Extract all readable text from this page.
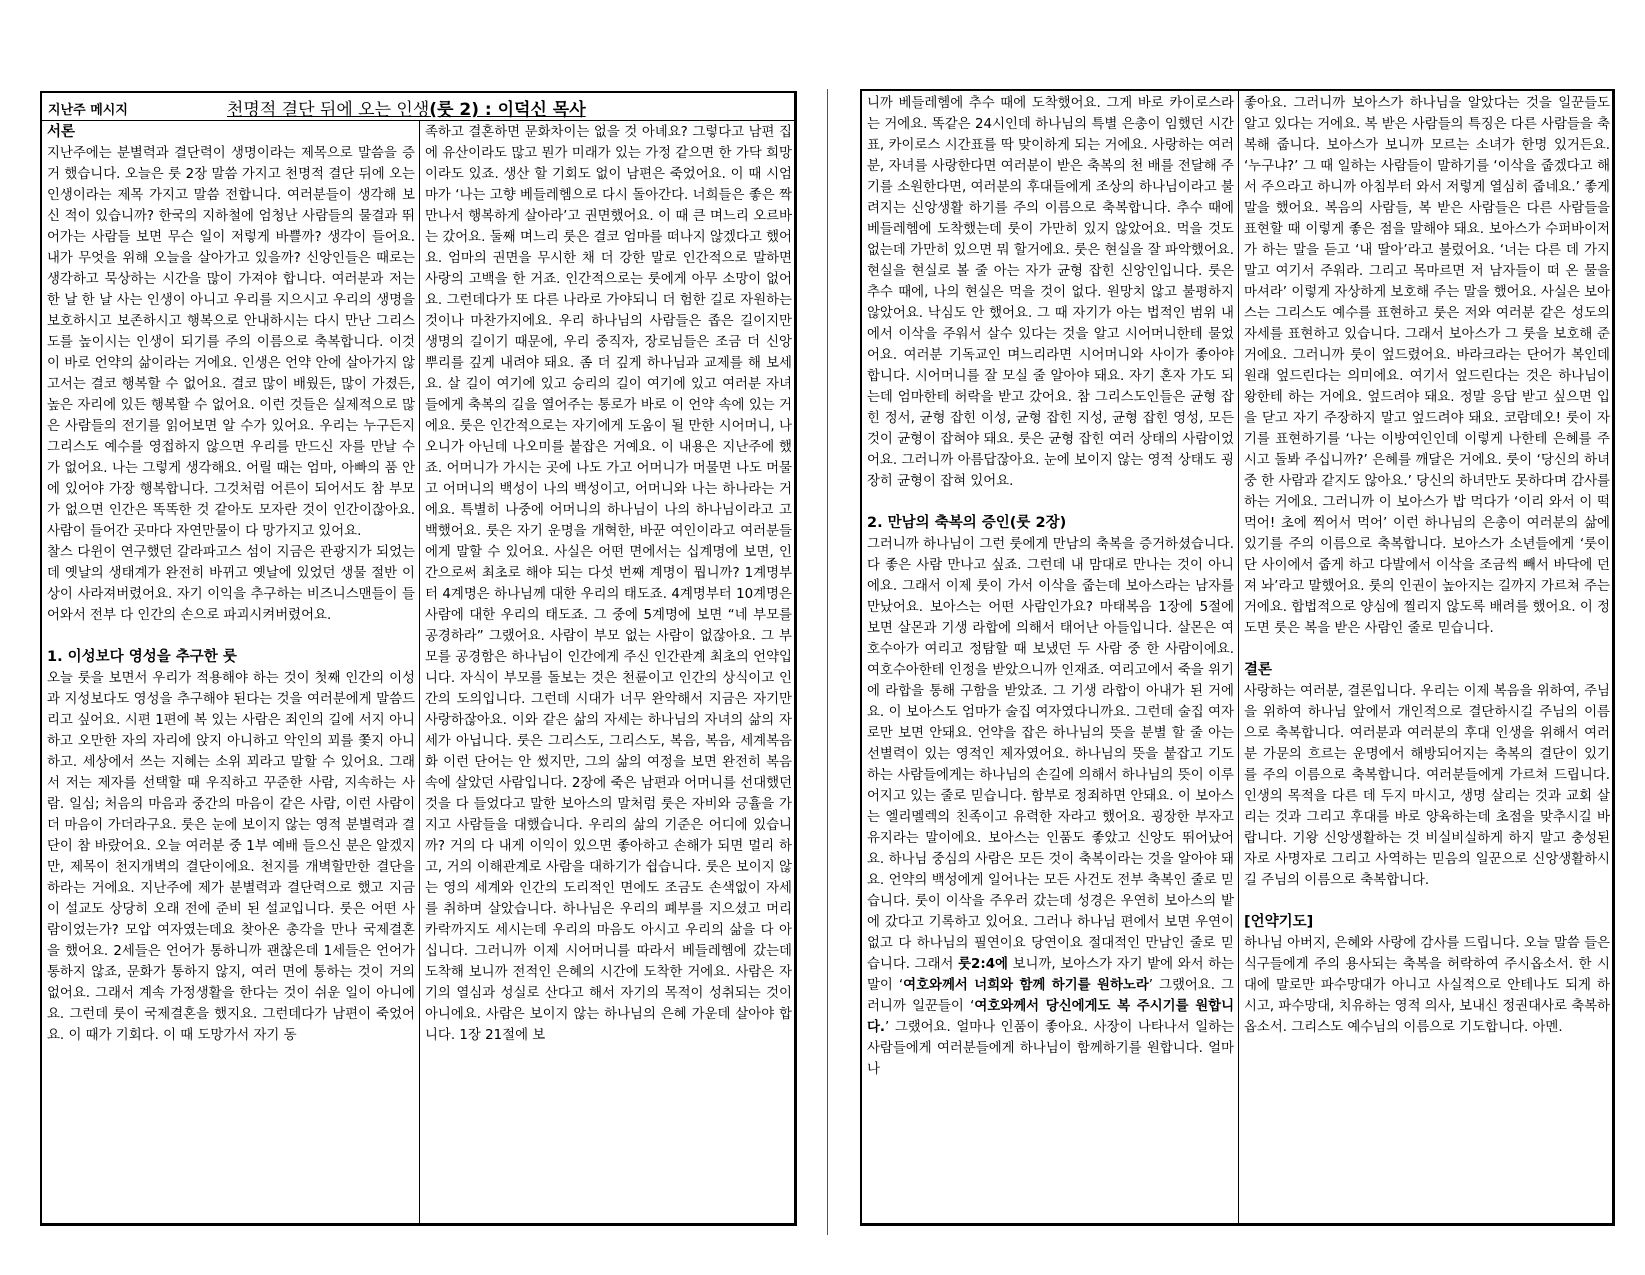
지난주 메시지	천명적 결단 뒤에 오는 인생(룻 2) : 이덕신 목사
서론

지난주에는 분별력과 결단력이 생명이라는 제목으로 말씀을 증거 했습니다. 오늘은 룻 2장 말씀 가지고 천명적 결단 뒤에 오는 인생이라는 제목 가지고 말씀 전합니다. 여러분들이 생각해 보신 적이 있습니까? 한국의 지하철에 엄청난 사람들의 물결과 뛰어가는 사람들 보면 무슨 일이 저렇게 바쁠까? 생각이 들어요. 내가 무엇을 위해 오늘을 살아가고 있을까? 신앙인들은 때로는 생각하고 묵상하는 시간을 많이 가져야 합니다. 여러분과 저는 한 날 한 날 사는 인생이 아니고 우리를 지으시고 우리의 생명을 보호하시고 보존하시고 행복으로 안내하시는 다시 만난 그리스도를 높이시는 인생이 되기를 주의 이름으로 축복합니다. 이것이 바로 언약의 삶이라는 거에요. 인생은 언약 안에 살아가지 않고서는 결코 행복할 수 없어요. 결코 많이 배웠든, 많이 가졌든, 높은 자리에 있든 행복할 수 없어요. 이런 것들은 실제적으로 많은 사람들의 전기를 읽어보면 알 수가 있어요. 우리는 누구든지 그리스도 예수를 영접하지 않으면 우리를 만드신 자를 만날 수가 없어요. 나는 그렇게 생각해요. 어릴 때는 엄마, 아빠의 품 안에 있어야 가장 행복합니다. 그것처럼 어른이 되어서도 참 부모가 없으면 인간은 똑똑한 것 같아도 모자란 것이 인간이잖아요. 사람이 들어간 곳마다 자연만물이 다 망가지고 있어요.

찰스 다윈이 연구했던 갈라파고스 섬이 지금은 관광지가 되었는데 옛날의 생태계가 완전히 바뀌고 옛날에 있었던 생물 절반 이상이 사라져버렸어요. 자기 이익을 추구하는 비즈니스맨들이 들어와서 전부 다 인간의 손으로 파괴시켜버렸어요.

1. 이성보다 영성을 추구한 룻

오늘 룻을 보면서 우리가 적용해야 하는 것이 첫째 인간의 이성과 지성보다도 영성을 추구해야 된다는 것을 여러분에게 말씀드리고 싶어요. 시편 1편에 복 있는 사람은 죄인의 길에 서지 아니하고 오만한 자의 자리에 앉지 아니하고 악인의 꾀를 쫓지 아니하고. 세상에서 쓰는 지혜는 소위 꾀라고 말할 수 있어요. 그래서 저는 제자를 선택할 때 우직하고 꾸준한 사람, 지속하는 사람. 일심; 처음의 마음과 중간의 마음이 같은 사람, 이런 사람이 더 마음이 가더라구요. 룻은 눈에 보이지 않는 영적 분별력과 결단이 참 바랐어요. 오늘 여러분 중 1부 예배 들으신 분은 알겠지만, 제목이 천지개벽의 결단이에요. 천지를 개벽할만한 결단을 하라는 거에요. 지난주에 제가 분별력과 결단력으로 했고 지금 이 설교도 상당히 오래 전에 준비 된 설교입니다. 룻은 어떤 사람이었는가? 모압 여자였는데요 찾아온 총각을 만나 국제결혼을 했어요. 2세들은 언어가 통하니까 괜찮은데 1세들은 언어가 통하지 않죠, 문화가 통하지 않지, 여러 면에 통하는 것이 거의 없어요. 그래서 계속 가정생활을 한다는 것이 쉬운 일이 아니에요. 그런데 룻이 국제결혼을 했지요. 그런데다가 남편이 죽었어요. 이 때가 기회다. 이 때 도망가서 자기 동

족하고 결혼하면 문화차이는 없을 것 아녜요? 그렇다고 남편 집에 유산이라도 많고 뭔가 미래가 있는 가정 같으면 한 가닥 희망이라도 있죠. 생산 할 기회도 없이 남편은 죽었어요. 이 때 시엄마가 ‘나는 고향 베들레헴으로 다시 돌아간다. 너희들은 좋은 짝 만나서 행복하게 살아라’고 권면했어요. 이 때 큰 며느리 오르바는 갔어요. 둘째 며느리 룻은 결코 엄마를 떠나지 않겠다고 했어요. 엄마의 권면을 무시한 채 더 강한 말로 인간적으로 말하면 사랑의 고백을 한 거죠. 인간적으로는 룻에게 아무 소망이 없어요. 그런데다가 또 다른 나라로 가야되니 더 험한 길로 자원하는 것이나 마찬가지에요. 우리 하나님의 사람들은 좁은 길이지만 생명의 길이기 때문에, 우리 중직자, 장로님들은 조금 더 신앙 뿌리를 깊게 내려야 돼요. 좀 더 깊게 하나님과 교제를 해 보세요. 살 길이 여기에 있고 승리의 길이 여기에 있고 여러분 자녀들에게 축복의 길을 열어주는 통로가 바로 이 언약 속에 있는 거에요. 룻은 인간적으로는 자기에게 도움이 될 만한 시어머니, 나오니가 아닌데 나오미를 붙잡은 거예요. 이 내용은 지난주에 했죠. 어머니가 가시는 곳에 나도 가고 어머니가 머물면 나도 머물고 어머니의 백성이 나의 백성이고, 어머니와 나는 하나라는 거에요. 특별히 나중에 어머니의 하나님이 나의 하나님이라고 고백했어요. 룻은 자기 운명을 개혁한, 바꾼 여인이라고 여러분들에게 말할 수 있어요. 사실은 어떤 면에서는 십계명에 보면, 인간으로써 최초로 해야 되는 다섯 번째 계명이 뭡니까? 1계명부터 4계명은 하나님께 대한 우리의 태도죠. 4계명부터 10계명은 사람에 대한 우리의 태도죠. 그 중에 5계명에 보면 “네 부모를 공경하라” 그랬어요. 사람이 부모 없는 사람이 없잖아요. 그 부모를 공경함은 하나님이 인간에게 주신 인간관계 최초의 언약입니다. 자식이 부모를 돌보는 것은 천륜이고 인간의 상식이고 인간의 도의입니다. 그런데 시대가 너무 완악해서 지금은 자기만 사랑하잖아요. 이와 같은 삶의 자세는 하나님의 자녀의 삶의 자세가 아닙니다. 룻은 그리스도, 그리스도, 복음, 복음, 세계복음화 이런 단어는 안 썼지만, 그의 삶의 여정을 보면 완전히 복음 속에 살았던 사람입니다. 2장에 죽은 남편과 어머니를 선대했던 것을 다 들었다고 말한 보아스의 말처럼 룻은 자비와 긍휼을 가지고 사람들을 대했습니다. 우리의 삶의 기준은 어디에 있습니까? 거의 다 내게 이익이 있으면 좋아하고 손해가 되면 멀리 하고, 거의 이해관계로 사람을 대하기가 쉽습니다. 룻은 보이지 않는 영의 세계와 인간의 도리적인 면에도 조금도 손색없이 자세를 취하며 살았습니다. 하나님은 우리의 폐부를 지으셨고 머리카락까지도 세시는데 우리의 마음도 아시고 우리의 삶을 다 아십니다. 그러니까 이제 시어머니를 따라서 베들레헴에 갔는데 도착해 보니까 전적인 은혜의 시간에 도착한 거에요. 사람은 자기의 열심과 성실로 산다고 해서 자기의 목적이 성취되는 것이 아니에요. 사람은 보이지 않는 하나님의 은혜 가운데 살아야 합니다. 1장 21절에 보

니까 베들레헴에 추수 때에 도착했어요. 그게 바로 카이로스라는 거에요. 똑같은 24시인데 하나님의 특별 은총이 임했던 시간표, 카이로스 시간표를 딱 맞이하게 되는 거에요. 사랑하는 여러분, 자녀를 사랑한다면 여러분이 받은 축복의 천 배를 전달해 주기를 소원한다면, 여러분의 후대들에게 조상의 하나님이라고 불려지는 신앙생활 하기를 주의 이름으로 축복합니다. 추수 때에 베들레헴에 도착했는데 룻이 가만히 있지 않았어요. 먹을 것도 없는데 가만히 있으면 뭐 할거에요. 룻은 현실을 잘 파악했어요. 현실을 현실로 볼 줄 아는 자가 균형 잡힌 신앙인입니다. 룻은 추수 때에, 나의 현실은 먹을 것이 없다. 원망치 않고 불평하지 않았어요. 낙심도 안 했어요. 그 때 자기가 아는 법적인 범위 내에서 이삭을 주워서 살수 있다는 것을 알고 시어머니한테 물었어요. 여러분 기독교인 며느리라면 시어머니와 사이가 좋아야 합니다. 시어머니를 잘 모실 줄 알아야 돼요. 자기 혼자 가도 되는데 엄마한테 허락을 받고 갔어요. 참 그리스도인들은 균형 잡힌 정서, 균형 잡힌 이성, 균형 잡힌 지성, 균형 잡힌 영성, 모든 것이 균형이 잡혀야 돼요. 룻은 균형 잡힌 여러 상태의 사람이었어요. 그러니까 아름답잖아요. 눈에 보이지 않는 영적 상태도 굉장히 균형이 잡혀 있어요.

2. 만남의 축복의 증인(룻 2장)

그러니까 하나님이 그런 룻에게 만남의 축복을 증거하셨습니다. 다 좋은 사람 만나고 싶죠. 그런데 내 맘대로 만나는 것이 아니에요. 그래서 이제 룻이 가서 이삭을 줍는데 보아스라는 남자를 만났어요. 보아스는 어떤 사람인가요? 마태복음 1장에 5절에 보면 살몬과 기생 라합에 의해서 태어난 아들입니다. 살몬은 여호수아가 여리고 정탐할 때 보냈던 두 사람 중 한 사람이에요. 여호수아한테 인정을 받았으니까 인재죠. 여리고에서 죽을 위기에 라합을 통해 구함을 받았죠. 그 기생 라합이 아내가 된 거에요. 이 보아스도 엄마가 술집 여자였다니까요. 그런데 술집 여자로만 보면 안돼요. 언약을 잡은 하나님의 뜻을 분별 할 줄 아는 선별력이 있는 영적인 제자였어요. 하나님의 뜻을 붙잡고 기도하는 사람들에게는 하나님의 손길에 의해서 하나님의 뜻이 이루어지고 있는 줄로 믿습니다. 함부로 정죄하면 안돼요. 이 보아스는 엘리멜렉의 친족이고 유력한 자라고 했어요. 굉장한 부자고 유지라는 말이에요. 보아스는 인품도 좋았고 신앙도 뛰어났어요. 하나님 중심의 사람은 모든 것이 축복이라는 것을 알아야 돼요. 언약의 백성에게 일어나는 모든 사건도 전부 축복인 줄로 믿습니다. 룻이 이삭을 주우러 갔는데 성경은 우연히 보아스의 밭에 갔다고 기록하고 있어요. 그러나 하나님 편에서 보면 우연이 없고 다 하나님의 필연이요 당연이요 절대적인 만남인 줄로 믿습니다. 그래서 룻2:4에 보니까, 보아스가 자기 밭에 와서 하는 말이 ‘여호와께서 너희와 함께 하기를 원하노라’ 그랬어요. 그러니까 일꾼들이 ‘여호와께서 당신에게도 복 주시기를 원합니다.’ 그랬어요. 얼마나 인품이 좋아요. 사장이 나타나서 일하는 사람들에게 여러분들에게 하나님이 함께하기를 원합니다. 얼마나

좋아요. 그러니까 보아스가 하나님을 알았다는 것을 일꾼들도 알고 있다는 거에요. 복 받은 사람들의 특징은 다른 사람들을 축복해 줍니다. 보아스가 보니까 모르는 소녀가 한명 있거든요. ‘누구냐?’ 그 때 일하는 사람들이 말하기를 ‘이삭을 줍겠다고 해서 주으라고 하니까 아침부터 와서 저렇게 열심히 줍네요.’ 좋게 말을 했어요. 복음의 사람들, 복 받은 사람들은 다른 사람들을 표현할 때 이렇게 좋은 점을 말해야 돼요. 보아스가 수퍼바이저가 하는 말을 듣고 ‘내 딸아’라고 불렀어요. ‘너는 다른 데 가지 말고 여기서 주워라. 그리고 목마르면 저 남자들이 떠 온 물을 마셔라’ 이렇게 자상하게 보호해 주는 말을 했어요. 사실은 보아스는 그리스도 예수를 표현하고 룻은 저와 여러분 같은 성도의 자세를 표현하고 있습니다. 그래서 보아스가 그 룻을 보호해 준 거에요. 그러니까 룻이 엎드렸어요. 바라크라는 단어가 복인데 원래 엎드린다는 의미에요. 여기서 엎드린다는 것은 하나님이 왕한테 하는 거에요. 엎드려야 돼요. 정말 응답 받고 싶으면 입을 닫고 자기 주장하지 말고 엎드려야 돼요. 코람데오! 룻이 자기를 표현하기를 ‘나는 이방여인인데 이렇게 나한테 은혜를 주시고 돌봐 주십니까?’ 은혜를 깨달은 거에요. 룻이 ‘당신의 하녀 중 한 사람과 같지도 않아요.’ 당신의 하녀만도 못하다며 감사를 하는 거에요. 그러니까 이 보아스가 밥 먹다가 ‘이리 와서 이 떡 먹어! 초에 찍어서 먹어’ 이런 하나님의 은총이 여러분의 삶에 있기를 주의 이름으로 축복합니다. 보아스가 소년들에게 ‘룻이 단 사이에서 줍게 하고 다발에서 이삭을 조금씩 빼서 바닥에 던져 놔’라고 말했어요. 룻의 인권이 높아지는 길까지 가르쳐 주는 거에요. 합법적으로 양심에 찔리지 않도록 배려를 했어요. 이 정도면 룻은 복을 받은 사람인 줄로 믿습니다.

결론

사랑하는 여러분, 결론입니다. 우리는 이제 복음을 위하여, 주님을 위하여 하나님 앞에서 개인적으로 결단하시길 주님의 이름으로 축복합니다. 여러분과 여러분의 후대 인생을 위해서 여러분 가문의 흐르는 운명에서 해방되어지는 축복의 결단이 있기를 주의 이름으로 축복합니다. 여러분들에게 가르쳐 드립니다. 인생의 목적을 다른 데 두지 마시고, 생명 살리는 것과 교회 살리는 것과 그리고 후대를 바로 양육하는데 초점을 맞추시길 바랍니다. 기왕 신앙생활하는 것 비실비실하게 하지 말고 충성된 자로 사명자로 그리고 사역하는 믿음의 일꾼으로 신앙생활하시길 주님의 이름으로 축복합니다.

[언약기도]

하나님 아버지, 은혜와 사랑에 감사를 드립니다. 오늘 말씀 들은 식구들에게 주의 용사되는 축복을 허락하여 주시옵소서. 한 시대에 말로만 파수망대가 아니고 사실적으로 안테나도 되게 하시고, 파수망대, 치유하는 영적 의사, 보내신 정권대사로 축복하옵소서. 그리스도 예수님의 이름으로 기도합니다. 아멘.
